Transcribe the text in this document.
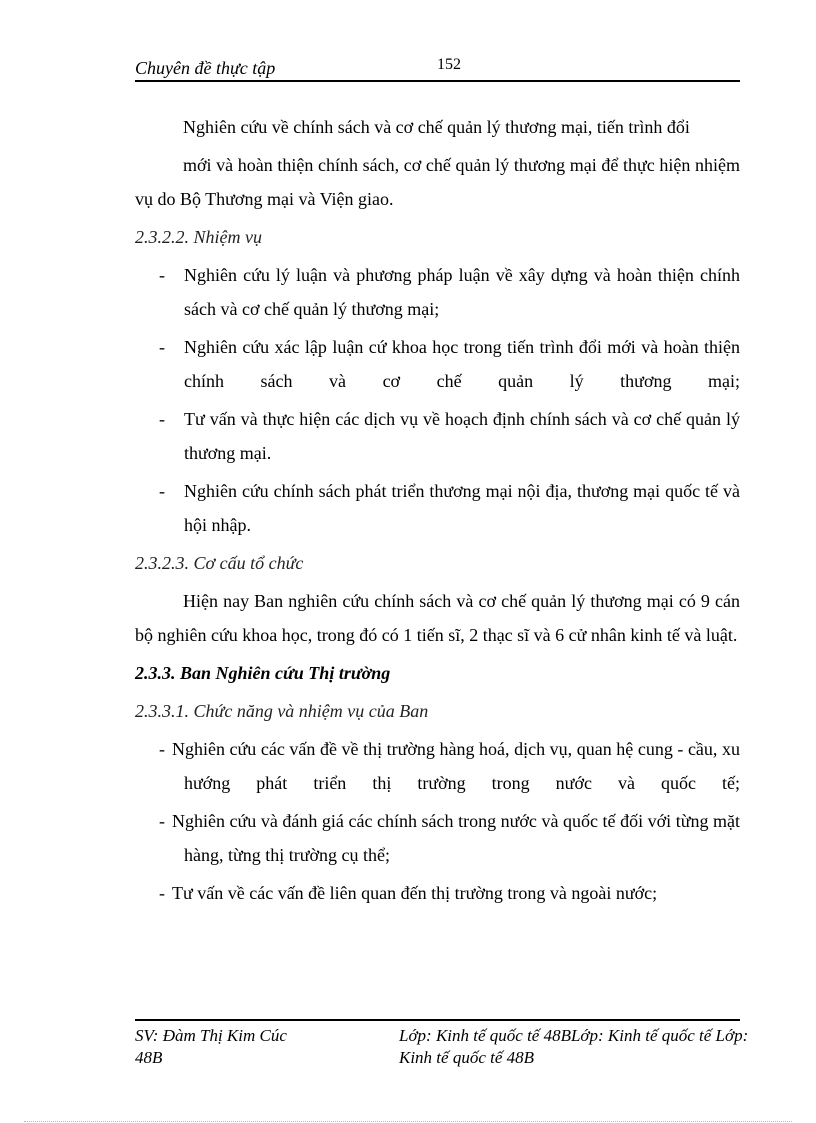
Chuyên đề thực tập	152
Nghiên cứu về chính sách và cơ chế quản lý thương mại, tiến trình đổi
mới và hoàn thiện chính sách, cơ chế quản lý thương mại để thực hiện nhiệm vụ do Bộ Thương mại và Viện giao.
2.3.2.2. Nhiệm vụ
- Nghiên cứu lý luận và phương pháp luận về xây dựng và hoàn thiện chính sách và cơ chế quản lý thương mại;
- Nghiên cứu xác lập luận cứ khoa học trong tiến trình đổi mới và hoàn thiện chính sách và cơ chế quản lý thương mại;
- Tư vấn và thực hiện các dịch vụ về hoạch định chính sách và cơ chế quản lý thương mại.
- Nghiên cứu chính sách phát triển thương mại nội địa, thương mại quốc tế và hội nhập.
2.3.2.3. Cơ cấu tổ chức
Hiện nay Ban nghiên cứu chính sách và cơ chế quản lý thương mại có 9 cán bộ nghiên cứu khoa học, trong đó có 1 tiến sĩ, 2 thạc sĩ và 6 cử nhân kinh tế và luật.
2.3.3. Ban Nghiên cứu Thị trường
2.3.3.1. Chức năng và nhiệm vụ của Ban
- Nghiên cứu các vấn đề về thị trường hàng hoá, dịch vụ, quan hệ cung - cầu, xu hướng phát triển thị trường trong nước và quốc tế;
- Nghiên cứu và đánh giá các chính sách trong nước và quốc tế đối với từng mặt hàng, từng thị trường cụ thể;
- Tư vấn về các vấn đề liên quan đến thị trường trong và ngoài nước;
SV: Đàm Thị Kim Cúc 48B
Lớp: Kinh tế quốc tế 48BLớp: Kinh tế quốc tế Lớp: Kinh tế quốc tế 48B
